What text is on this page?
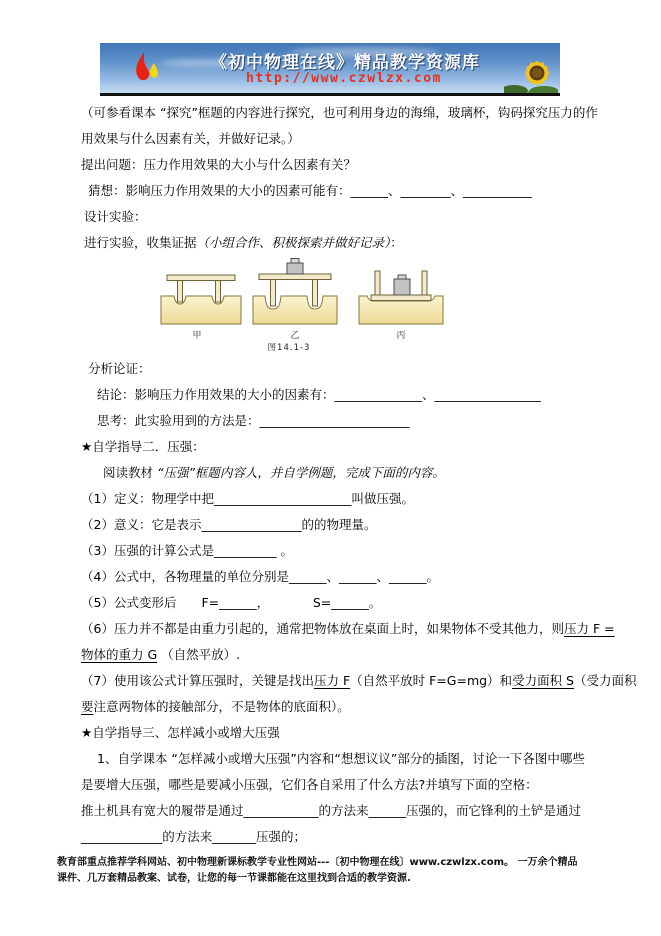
《初中物理在线》精品教学资源库
http://www.czwlzx.com
（可参看课本 “探究”框题的内容进行探究，也可利用身边的海绵，玻璃杯，钩码探究压力的作
用效果与什么因素有关，并做好记录。）
提出问题：压力作用效果的大小与什么因素有关？
猜想：影响压力作用效果的大小的因素可能有：______、________、___________
设计实验：
进行实验，收集证据（小组合作、积极探索并做好记录）：
甲	乙	丙
图14.1-3
分析论证：
结论：影响压力作用效果的大小的因素有：______________、_________________
思考：此实验用到的方法是：________________________
★自学指导二．压强：
阅读教材 “压强”框题内容人，并自学例题，完成下面的内容。
（1）定义：物理学中把______________________叫做压强。
（2）意义：它是表示________________的的物理量。
（3）压强的计算公式是__________ 。
（4）公式中，各物理量的单位分别是______、______、______。
（5）公式变形后　　F=______，　　　　S=______。
（6）压力并不都是由重力引起的，通常把物体放在桌面上时，如果物体不受其他力，则压力 F =
物体的重力 G （自然平放）.
（7）使用该公式计算压强时，关键是找出压力 F（自然平放时 F=G=mg）和受力面积 S（受力面积
要注意两物体的接触部分，不是物体的底面积）。
★自学指导三、怎样减小或增大压强
1、自学课本 “怎样减小或增大压强”内容和“想想议议”部分的插图，讨论一下各图中哪些
是要增大压强，哪些是要减小压强，它们各自采用了什么方法?并填写下面的空格：
推土机具有宽大的履带是通过____________的方法来______压强的，而它锋利的土铲是通过
_____________的方法来_______压强的；
教育部重点推荐学科网站、初中物理新课标教学专业性网站---〔初中物理在线〕www.czwlzx.com。 一万余个精品
课件、几万套精品教案、试卷，让您的每一节课都能在这里找到合适的教学资源.
